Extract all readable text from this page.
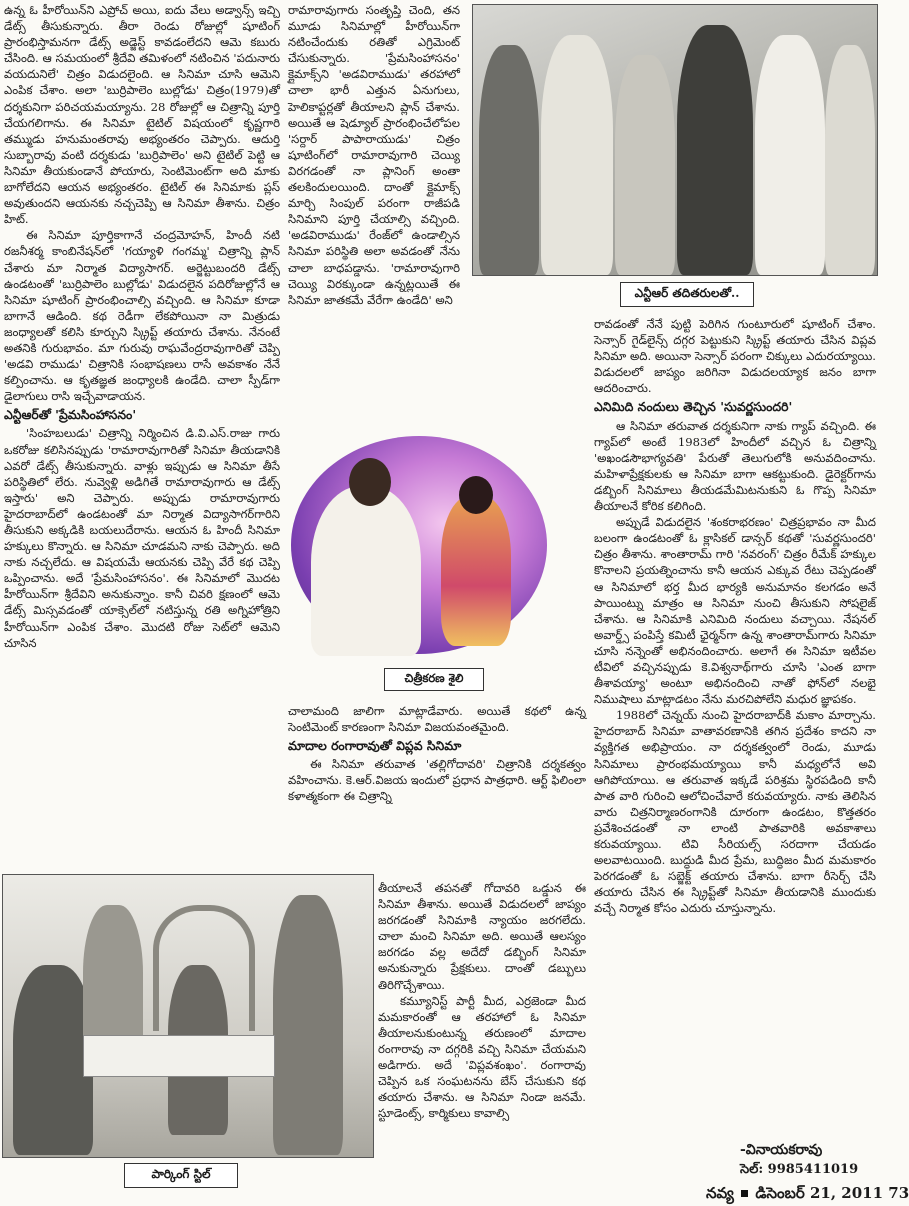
ఉన్న ఓ హీరోయిన్‌ని ఎప్రోచ్‌ అయి, ఐదు వేలు అడ్వాన్స్‌ ఇచ్చి డేట్స్‌ తీసుకున్నారు. తీరా రెండు రోజుల్లో షూటింగ్‌ ప్రారంభిస్తామనగా డేట్స్‌ అడ్జెస్ట్‌ కావడంలేదని ఆమె కబురు చేసింది. ఆ సమయంలో శ్రీదేవి తమిళంలో నటించిన 'పదునారు వయదునిలే' చిత్రం విడుదలైంది. ఆ సినిమా చూసి ఆమెని ఎంపిక చేశాం. అలా 'బుర్రిపాలెం బుల్లోడు' చిత్రం(1979)తో దర్శకునిగా పరిచయమయ్యాను. 28 రోజుల్లో ఆ చిత్రాన్ని పూర్తి చేయగలిగాను. ఈ సినిమా టైటిల్‌ విషయంలో కృష్ణగారి తమ్ముడు హనుమంతరావు అభ్యంతరం చెప్పారు. ఆదుర్తి సుబ్బారావు వంటి దర్శకుడు 'బుర్రిపాలెం' అని టైటిల్‌ పెట్టి ఆ సినిమా తీయకుండానే పోయారు, సెంటిమెంట్‌గా అది మాకు బాగోలేదని ఆయన అభ్యంతరం. టైటిల్‌ ఈ సినిమాకు ప్లస్‌ అవుతుందని ఆయనకు నచ్చచెప్పి ఆ సినిమా తీశాను. చిత్రం హిట్‌.

ఈ సినిమా పూర్తికాగానే చంద్రమోహన్‌, హిందీ నటి రజనీశర్మ కాంబినేషన్‌లో 'గయ్యాళి గంగమ్మ' చిత్రాన్ని ప్లాన్‌ చేశారు మా నిర్మాత విద్యాసాగర్‌. అర్జెట్టుబందరి డేట్స్‌ ఉండటంతో 'బుర్రిపాలెం బుల్లోడు' విడుదలైన పదిరోజుల్లోనే ఆ సినిమా షూటింగ్‌ ప్రారంభించాల్సి వచ్చింది. ఆ సినిమా కూడా బాగానే ఆడింది. కథ రెడీగా లేకపోయినా నా మిత్రుడు జంధ్యాలతో కలిసి కూర్చుని స్క్రిప్ట్‌ తయారు చేశాను. నేనంటే అతనికి గురుభావం. మా గురువు రాఘవేంద్రరావుగారితో చెప్పి 'అడవి రాముడు' చిత్రానికి సంభాషణలు రాసే అవకాశం నేనే కల్పించాను. ఆ కృతజ్ఞత జంధ్యాలకి ఉండేది. చాలా స్పీడ్‌గా డైలాగులు రాసి ఇచ్చేవాడాయన.

ఎన్టీఆర్‌తో 'ప్రేమసింహాసనం'

'సింహబలుడు' చిత్రాన్ని నిర్మించిన డి.వి.ఎస్‌.రాజు గారు ఒకరోజు కలిసినప్పుడు 'రామారావుగారితో సినిమా తీయడానికి ఎవరో డేట్స్‌ తీసుకున్నారు. వాళ్లు ఇప్పుడు ఆ సినిమా తీసే పరిస్థితిలో లేరు. నువ్వెళ్లి అడిగితే రామారావుగారు ఆ డేట్స్‌ ఇస్తారు' అని చెప్పారు. అప్పుడు రామారావుగారు హైదరాబాద్‌లో ఉండటంతో మా నిర్మాత విద్యాసాగర్‌గారిని తీసుకుని అక్కడికి బయలుదేరాను. ఆయన ఓ హిందీ సినిమా హక్కులు కొన్నారు. ఆ సినిమా చూడమని నాకు చెప్పారు. అది నాకు నచ్చలేదు. ఆ విషయమే ఆయనకు చెప్పి వేరే కథ చెప్పి ఒప్పించాను. అదే 'ప్రేమసింహాసనం'. ఈ సినిమాలో మొదట హీరోయిన్‌గా శ్రీదేవిని అనుకున్నాం. కానీ చివరి క్షణంలో ఆమె డేట్స్‌ మిస్సవడంతో యాక్సెల్‌లో నటిస్తున్న రతి అగ్నిహోత్రిని హీరోయిన్‌గా ఎంపిక చేశాం. మొదటి రోజు సెట్‌లో ఆమెని చూసిన

రామారావుగారు సంతృప్తి చెంది, తన మూడు సినిమాల్లో హీరోయిన్‌గా నటించేందుకు రతితో ఎగ్రిమెంట్‌ చేసుకున్నారు. 'ప్రేమసింహాసనం' క్లైమాక్స్‌ని 'అడవిరాముడు' తరహాలో చాలా భారీ ఎత్తున ఏనుగులు, హెలికాప్టర్లతో తీయాలని ప్లాన్‌ చేశాను. అయితే ఆ షెడ్యూల్‌ ప్రారంభించేలోపల 'సర్దార్‌ పాపారాయుడు' చిత్రం షూటింగ్‌లో రామారావుగారి చెయ్యి విరగడంతో నా ప్లానింగ్‌ అంతా తలకిందులయింది. దాంతో క్లైమాక్స్‌ మార్చి సింపుల్‌ పరంగా రాజీపడి సినిమాని పూర్తి చేయాల్సి వచ్చింది. 'అడవిరాముడు' రేంజ్‌లో ఉండాల్సిన సినిమా పరిస్థితి అలా అవడంతో నేను చాలా బాధపడ్డాను. 'రామారావుగారి చెయ్యి విరక్కుండా ఉన్నట్లయితే ఈ సినిమా జాతకమే వేరేగా ఉండేది' అని

చిత్రీకరణ శైలి

చాలామంది జాలిగా మాట్లాడేవారు. అయితే కథలో ఉన్న సెంటిమెంట్‌ కారణంగా సినిమా విజయవంతమైంది.

మాదాల రంగారావుతో విప్లవ సినిమా

ఈ సినిమా తరువాత 'తల్లిగోదావరి' చిత్రానికి దర్శకత్వం వహించాను. కె.ఆర్‌.విజయ ఇందులో ప్రధాన పాత్రధారి. ఆర్ట్‌ ఫిలింలా కళాత్మకంగా ఈ చిత్రాన్ని

తీయాలనే తపనతో గోదావరి ఒడ్డున ఈ సినిమా తీశాను. అయితే విడుదలలో జాప్యం జరగడంతో సినిమాకి న్యాయం జరగలేదు. చాలా మంచి సినిమా అది. అయితే ఆలస్యం జరగడం వల్ల అదేదో డబ్బింగ్‌ సినిమా అనుకున్నారు ప్రేక్షకులు. దాంతో డబ్బులు తిరిగొచ్చేశాయి.

కమ్యూనిస్ట్‌ పార్టీ మీద, ఎర్రజెండా మీద మమకారంతో ఆ తరహాలో ఓ సినిమా తీయాలనుకుంటున్న తరుణంలో మాదాల రంగారావు నా దగ్గరికి వచ్చి సినిమా చేయమని అడిగారు. అదే 'విప్లవశంఖం'. రంగారావు చెప్పిన ఒక సంఘటనను బేస్‌ చేసుకుని కథ తయారు చేశాను. ఆ సినిమా నిండా జనమే. స్టూడెంట్స్‌, కార్మికులు కావాల్సి

ఎన్టీఆర్‌ తదితరులతో..

రావడంతో నేనే పుట్టి పెరిగిన గుంటూరులో షూటింగ్‌ చేశాం. సెన్సార్‌ గైడ్‌లైన్స్‌ దగ్గర పెట్టుకుని స్క్రిప్ట్‌ తయారు చేసిన విప్లవ సినిమా అది. అయినా సెన్సార్‌ పరంగా చిక్కులు ఎదురయ్యాయి. విడుదలలో జాప్యం జరిగినా విడుదలయ్యాక జనం బాగా ఆదరించారు.

ఎనిమిది నందులు తెచ్చిన 'సువర్ణసుందరి'

ఆ సినిమా తరువాత దర్శకునిగా నాకు గ్యాప్‌ వచ్చింది. ఈ గ్యాప్‌లో అంటే 1983లో హిందీలో వచ్చిన ఓ చిత్రాన్ని 'అఖండసౌభాగ్యవతి' పేరుతో తెలుగులోకి అనువదించాను. మహిళాప్రేక్షకులకు ఆ సినిమా బాగా ఆకట్టుకుంది. డైరెక్టర్‌గాను డబ్బింగ్‌ సినిమాలు తీయడమేమిటనుకుని ఓ గొప్ప సినిమా తీయాలనే కోరిక కలిగింది.

అప్పుడే విడుదలైన 'శంకరాభరణం' చిత్రప్రభావం నా మీద బలంగా ఉండటంతో ఓ క్లాసికల్‌ డాన్సర్‌ కథతో 'సువర్ణసుందరి' చిత్రం తీశాను. శాంతారామ్‌ గారి 'నవరంగ్‌' చిత్రం రీమేక్‌ హక్కుల కొనాలని ప్రయత్నించాను కానీ ఆయన ఎక్కువ రేటు చెప్పడంతో ఆ సినిమాలో భర్త మీద భార్యకి అనుమానం కలగడం అనే పాయింట్ను మాత్రం ఆ సినిమా నుంచి తీసుకుని సోషలైజ్‌ చేశాను. ఆ సినిమాకి ఎనిమిది నందులు వచ్చాయి. నేషనల్‌ అవార్డ్స్‌ పంపిస్తే కమిటీ ఛైర్మన్‌గా ఉన్న శాంతారామ్‌గారు సినిమా చూసి నన్నెంతో అభినందించారు. అలాగే ఈ సినిమా ఇటీవల టీవిలో వచ్చినప్పుడు కె.విశ్వనాథ్‌గారు చూసి 'ఎంత బాగా తీశావయ్యా' అంటూ అభినందించి నాతో ఫోన్‌లో నలభై నిముషాలు మాట్లాడటం నేను మరచిపోలేని మధుర జ్ఞాపకం.

1988లో చెన్నయ్‌ నుంచి హైదరాబాద్‌కి మకాం మార్చాను. హైదరాబాద్‌ సినిమా వాతావరణానికి తగిన ప్రదేశం కాదని నా వ్యక్తిగత అభిప్రాయం. నా దర్శకత్వంలో రెండు, మూడు సినిమాలు ప్రారంభమయ్యాయి కానీ మధ్యలోనే అవి ఆగిపోయాయి. ఆ తరువాత ఇక్కడే పరిశ్రమ స్థిరపడింది కానీ పాత వారి గురించి ఆలోచించేవారే కరువయ్యారు. నాకు తెలిసిన వారు చిత్రనిర్మాణరంగానికి దూరంగా ఉండటం, కొత్తతరం ప్రవేశించడంతో నా లాంటి పాతవారికి అవకాశాలు కరువయ్యాయి. టివి సీరియల్స్‌ సరదాగా చేయడం అలవాటయింది. బుద్ధుడి మీద ప్రేమ, బుద్ధిజం మీద మమకారం పెరగడంతో ఓ సబ్జెక్ట్‌ తయారు చేశాను. బాగా రీసెర్చ్‌ చేసి తయారు చేసిన ఈ స్క్రిప్ట్‌తో సినిమా తీయడానికి ముందుకు వచ్చే నిర్మాత కోసం ఎదురు చూస్తున్నాను.

-వినాయకరావు
సెల్‌: 9985411019
పార్కింగ్‌ స్టిల్‌
నవ్య డిసెంబర్‌ 21, 2011 73
